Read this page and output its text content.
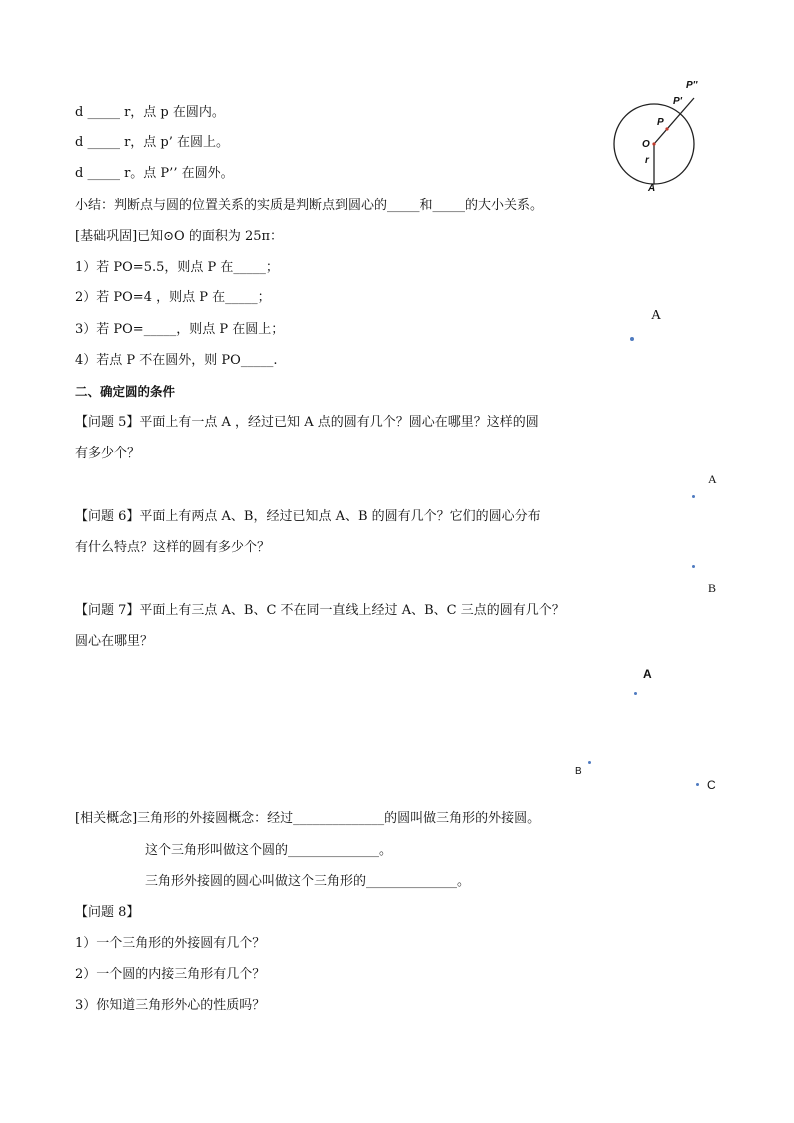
d _____ r，点 p 在圆内。
d _____ r，点 p’ 在圆上。
d _____ r。点 P’’ 在圆外。
小结：判断点与圆的位置关系的实质是判断点到圆心的_____和_____的大小关系。
[基础巩固]已知⊙O 的面积为 25π：
1）若 PO=5.5，则点 P 在_____；
2）若 PO=4 ，则点 P 在_____；
3）若 PO=_____，则点 P 在圆上；
4）若点 P 不在圆外，则 PO_____.
二、确定圆的条件
【问题 5】平面上有一点 A ，经过已知 A 点的圆有几个？圆心在哪里？这样的圆
有多少个？
【问题 6】平面上有两点 A、B，经过已知点 A、B 的圆有几个？它们的圆心分布
有什么特点？这样的圆有多少个？
【问题 7】平面上有三点 A、B、C 不在同一直线上经过 A、B、C 三点的圆有几个？
圆心在哪里？
[相关概念]三角形的外接圆概念：经过______________的圆叫做三角形的外接圆。
这个三角形叫做这个圆的______________。
三角形外接圆的圆心叫做这个三角形的______________。
【问题 8】
1）一个三角形的外接圆有几个？
2）一个圆的内接三角形有几个？
3）你知道三角形外心的性质吗？
P''
P'
P
O
r
A
A
A
B
A
B
C
